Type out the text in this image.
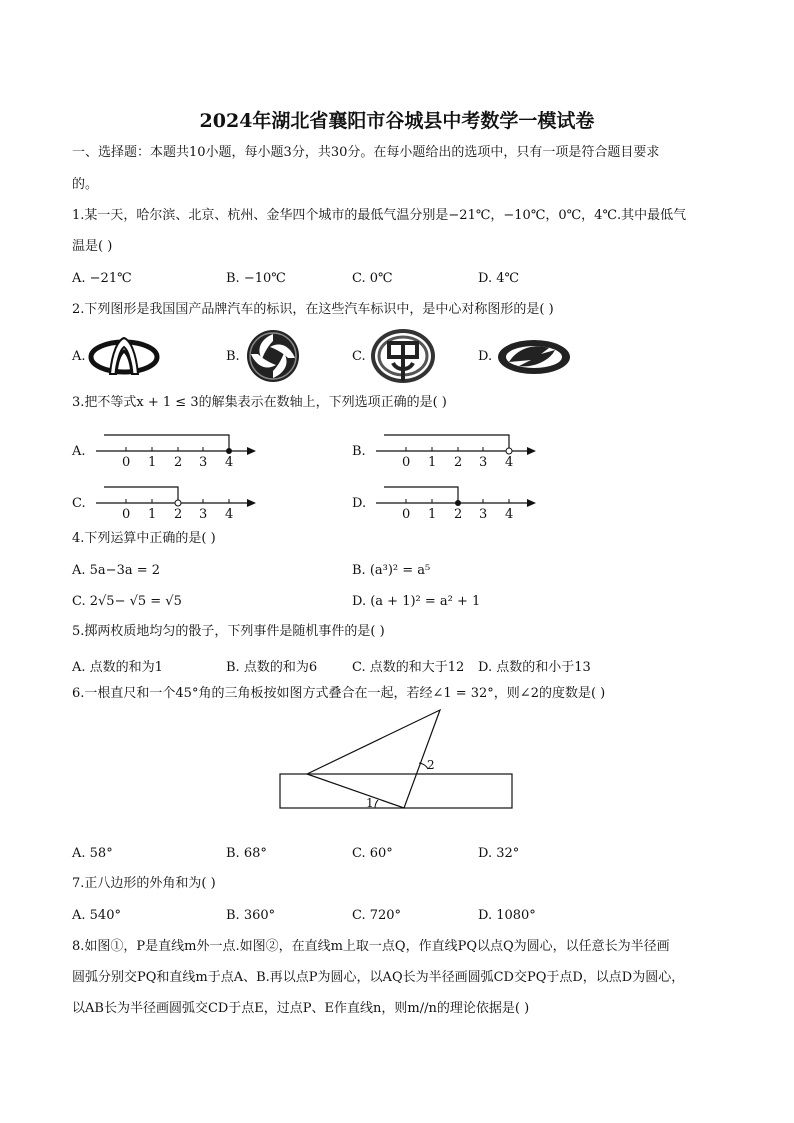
2024年湖北省襄阳市谷城县中考数学一模试卷
一、选择题：本题共10小题，每小题3分，共30分。在每小题给出的选项中，只有一项是符合题目要求
的。
1.某一天，哈尔滨、北京、杭州、金华四个城市的最低气温分别是−21℃，−10℃，0℃，4℃.其中最低气
温是( )
A. −21℃	B. −10℃	C. 0℃	D. 4℃
2.下列图形是我国国产品牌汽车的标识，在这些汽车标识中，是中心对称图形的是( )
A.	B.	C.	D.
3.把不等式x + 1 ≤ 3的解集表示在数轴上，下列选项正确的是( )
A.	B.
C.	D.
0 1 2 3 4	0 1 2 3 4
0 1 2 3 4	0 1 2 3 4
4.下列运算中正确的是( )
A. 5a−3a = 2	B. (a³)² = a⁵
C. 2√5− √5 = √5	D. (a + 1)² = a² + 1
5.掷两枚质地均匀的骰子，下列事件是随机事件的是( )
A. 点数的和为1	B. 点数的和为6	C. 点数的和大于12 D. 点数的和小于13
6.一根直尺和一个45°角的三角板按如图方式叠合在一起，若经∠1 = 32°，则∠2的度数是( )
1
2
A. 58°	B. 68°	C. 60°	D. 32°
7.正八边形的外角和为( )
A. 540°	B. 360°	C. 720°	D. 1080°
8.如图①，P是直线m外一点.如图②，在直线m上取一点Q，作直线PQ以点Q为圆心，以任意长为半径画
圆弧分别交PQ和直线m于点A、B.再以点P为圆心，以AQ长为半径画圆弧CD交PQ于点D，以点D为圆心，
以AB长为半径画圆弧交CD于点E，过点P、E作直线n，则m//n的理论依据是( )
